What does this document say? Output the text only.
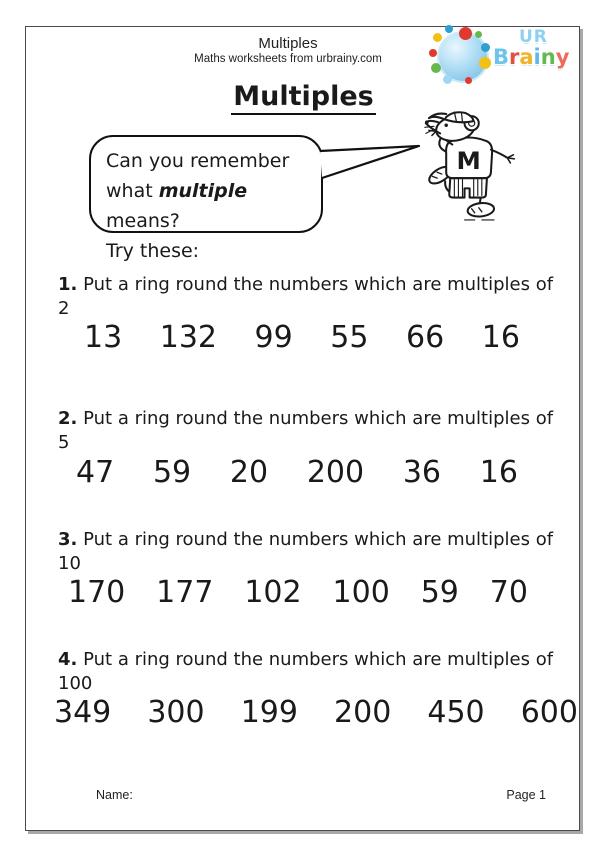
Multiples
Maths worksheets from urbrainy.com
UR
Brainy
Multiples
Can you remember
what multiple means?
Try these:
M
1. Put a ring round the numbers which are multiples of 2
13 132 99 55 66 16
2. Put a ring round the numbers which are multiples of 5
47 59 20 200 36 16
3. Put a ring round the numbers which are multiples of 10
170 177 102 100 59 70
4. Put a ring round the numbers which are multiples of 100
349 300 199 200 450 600
Name:	Page 1
